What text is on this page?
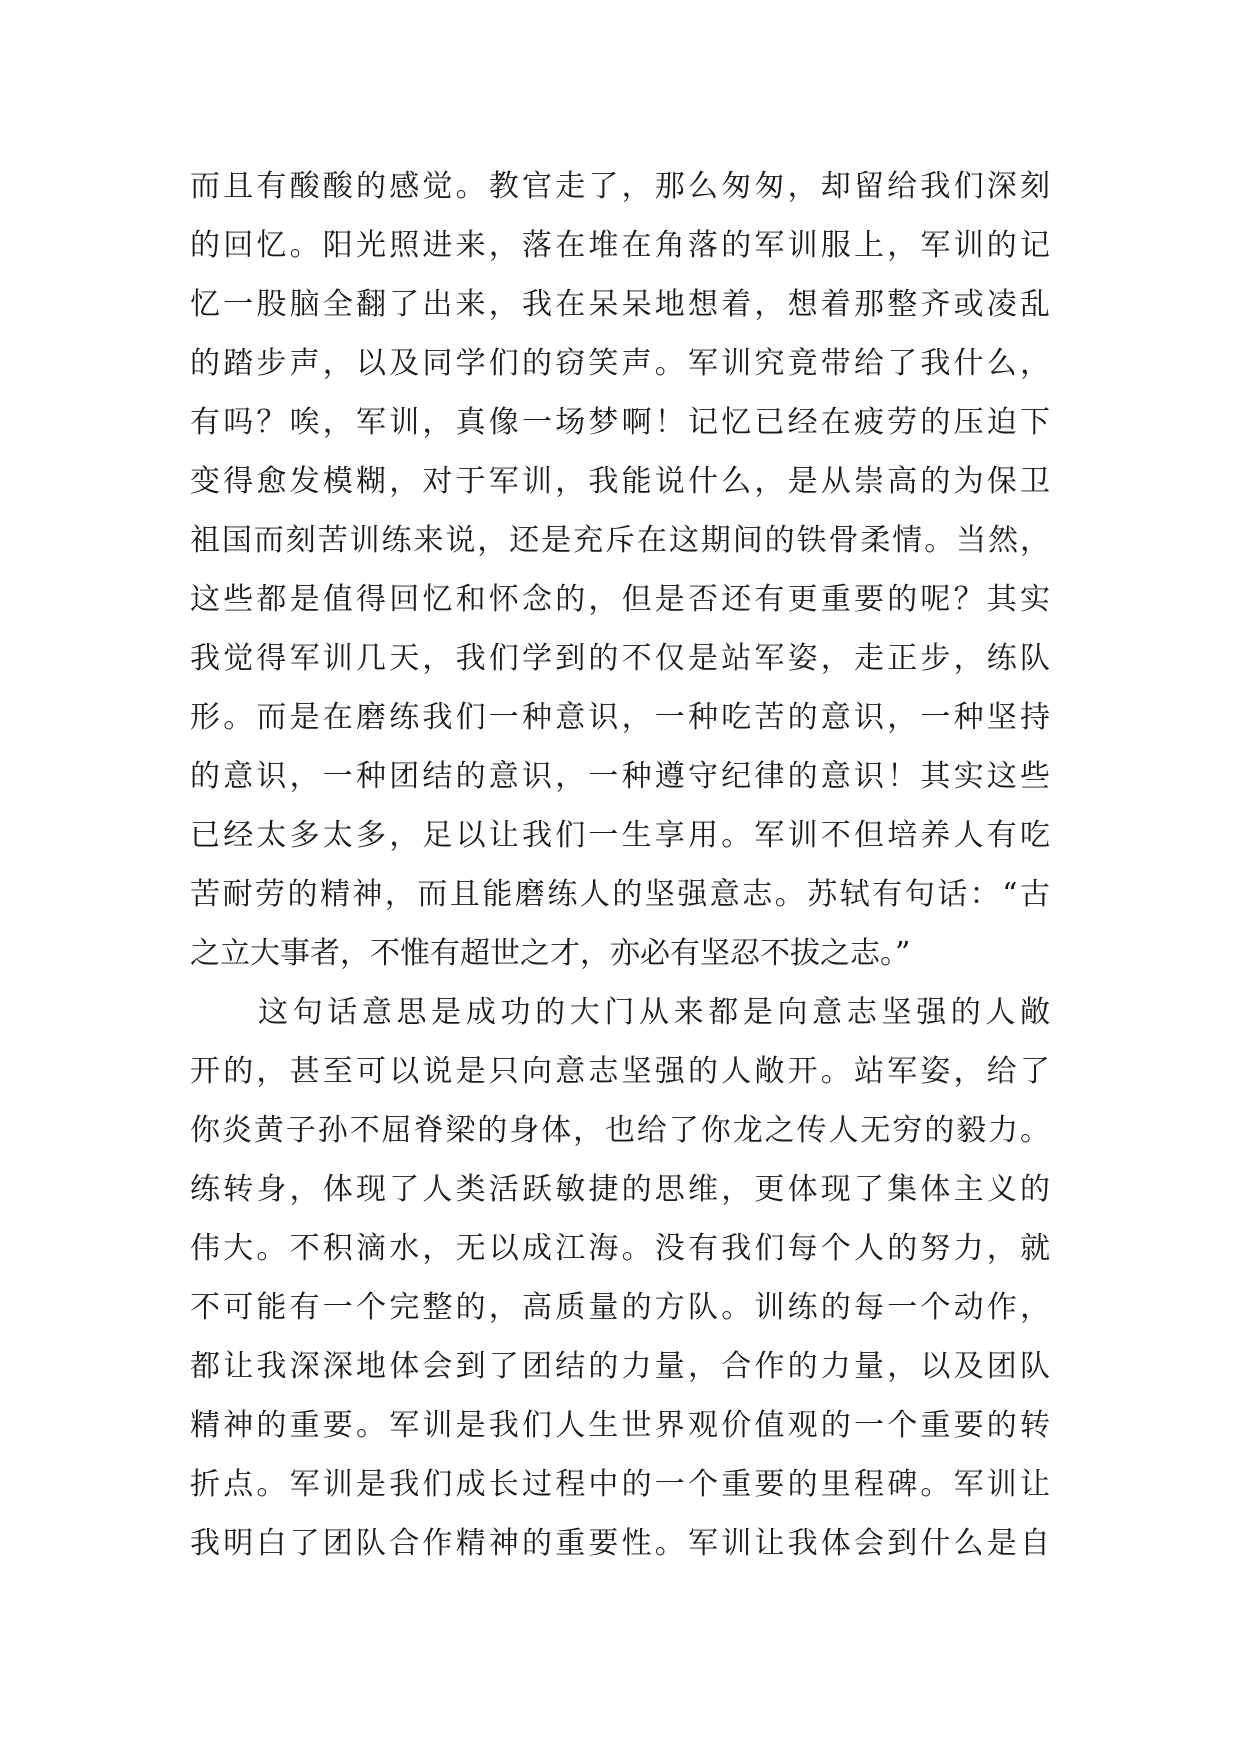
而且有酸酸的感觉。教官走了，那么匆匆，却留给我们深刻
的回忆。阳光照进来，落在堆在角落的军训服上，军训的记
忆一股脑全翻了出来，我在呆呆地想着，想着那整齐或凌乱
的踏步声，以及同学们的窃笑声。军训究竟带给了我什么，
有吗？唉，军训，真像一场梦啊！记忆已经在疲劳的压迫下
变得愈发模糊，对于军训，我能说什么，是从崇高的为保卫
祖国而刻苦训练来说，还是充斥在这期间的铁骨柔情。当然，
这些都是值得回忆和怀念的，但是否还有更重要的呢？其实
我觉得军训几天，我们学到的不仅是站军姿，走正步，练队
形。而是在磨练我们一种意识，一种吃苦的意识，一种坚持
的意识，一种团结的意识，一种遵守纪律的意识！其实这些
已经太多太多，足以让我们一生享用。军训不但培养人有吃
苦耐劳的精神，而且能磨练人的坚强意志。苏轼有句话：“古
之立大事者，不惟有超世之才，亦必有坚忍不拔之志。”
这句话意思是成功的大门从来都是向意志坚强的人敞
开的，甚至可以说是只向意志坚强的人敞开。站军姿，给了
你炎黄子孙不屈脊梁的身体，也给了你龙之传人无穷的毅力。
练转身，体现了人类活跃敏捷的思维，更体现了集体主义的
伟大。不积滴水，无以成江海。没有我们每个人的努力，就
不可能有一个完整的，高质量的方队。训练的每一个动作，
都让我深深地体会到了团结的力量，合作的力量，以及团队
精神的重要。军训是我们人生世界观价值观的一个重要的转
折点。军训是我们成长过程中的一个重要的里程碑。军训让
我明白了团队合作精神的重要性。军训让我体会到什么是自
